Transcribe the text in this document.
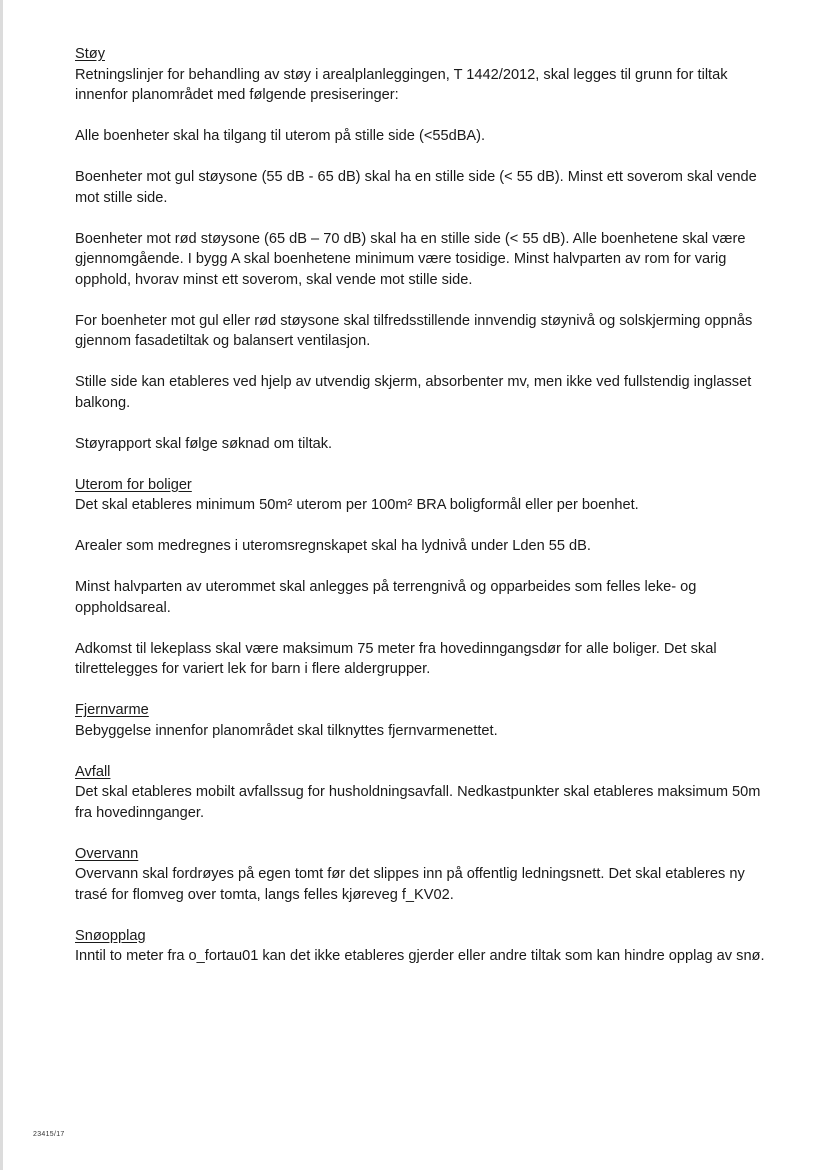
Støy

Retningslinjer for behandling av støy i arealplanleggingen, T 1442/2012, skal legges til grunn for tiltak innenfor planområdet med følgende presiseringer:

Alle boenheter skal ha tilgang til uterom på stille side (<55dBA).

Boenheter mot gul støysone (55 dB - 65 dB) skal ha en stille side (< 55 dB). Minst ett soverom skal vende mot stille side.

Boenheter mot rød støysone (65 dB – 70 dB) skal ha en stille side (< 55 dB). Alle boenhetene skal være gjennomgående. I bygg A skal boenhetene minimum være tosidige. Minst halvparten av rom for varig opphold, hvorav minst ett soverom, skal vende mot stille side.

For boenheter mot gul eller rød støysone skal tilfredsstillende innvendig støynivå og solskjerming oppnås gjennom fasadetiltak og balansert ventilasjon.

Stille side kan etableres ved hjelp av utvendig skjerm, absorbenter mv, men ikke ved fullstendig inglasset balkong.

Støyrapport skal følge søknad om tiltak.

Uterom for boliger

Det skal etableres minimum 50m² uterom per 100m² BRA boligformål eller per boenhet.

Arealer som medregnes i uteromsregnskapet skal ha lydnivå under Lden 55 dB.

Minst halvparten av uterommet skal anlegges på terrengnivå og opparbeides som felles leke- og oppholdsareal.

Adkomst til lekeplass skal være maksimum 75 meter fra hovedinngangsdør for alle boliger. Det skal tilrettelegges for variert lek for barn i flere aldergrupper.

Fjernvarme

Bebyggelse innenfor planområdet skal tilknyttes fjernvarmenettet.

Avfall

Det skal etableres mobilt avfallssug for husholdningsavfall. Nedkastpunkter skal etableres maksimum 50m fra hovedinnganger.

Overvann

Overvann skal fordrøyes på egen tomt før det slippes inn på offentlig ledningsnett. Det skal etableres ny trasé for flomveg over tomta, langs felles kjøreveg f_KV02.

Snøopplag

Inntil to meter fra o_fortau01 kan det ikke etableres gjerder eller andre tiltak som kan hindre opplag av snø.

23415/17
